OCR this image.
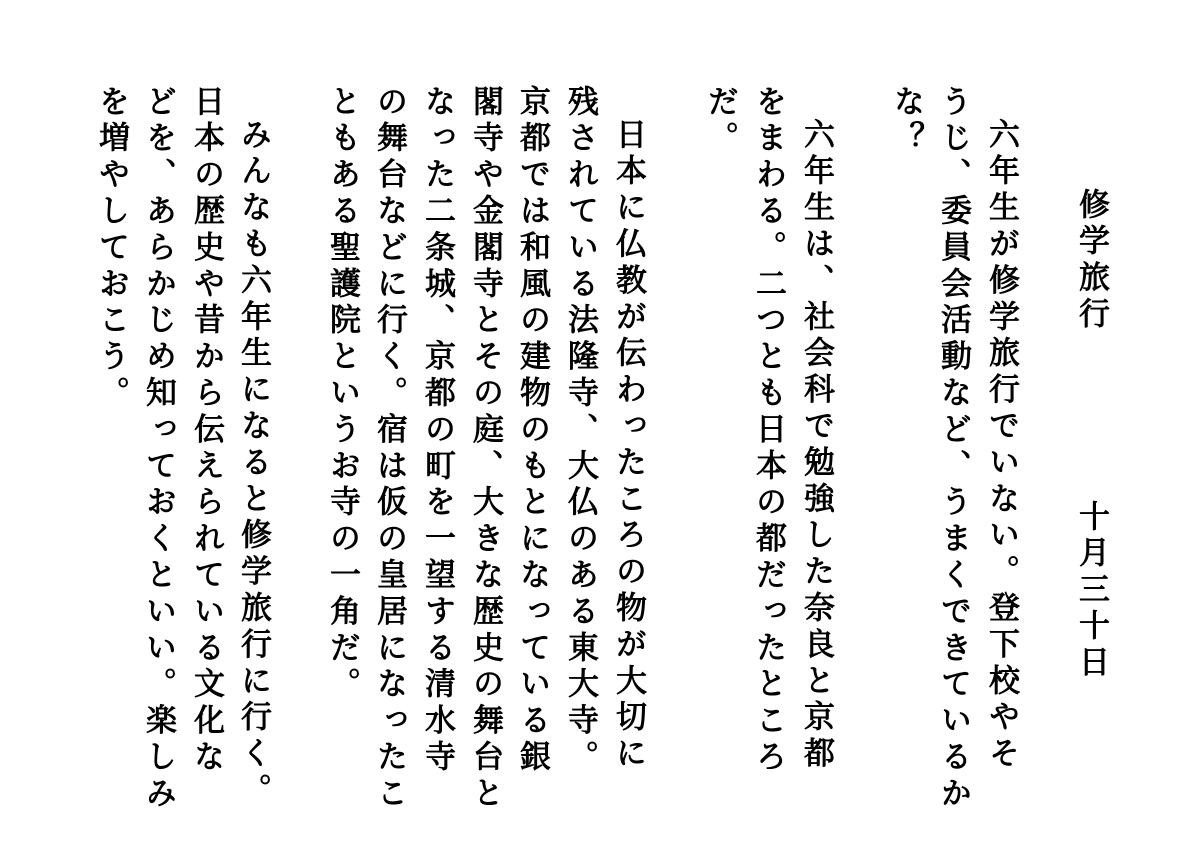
修学旅行
十月三十日
六年生が修学旅行でいない。登下校やそ
うじ、委員会活動など、うまくできているか
な？
六年生は、社会科で勉強した奈良と京都
をまわる。二つとも日本の都だったところ
だ。
日本に仏教が伝わったころの物が大切に
残されている法隆寺、大仏のある東大寺。
京都では和風の建物のもとになっている銀
閣寺や金閣寺とその庭、大きな歴史の舞台と
なった二条城、京都の町を一望する清水寺
の舞台などに行く。宿は仮の皇居になったこ
ともある聖護院というお寺の一角だ。
みんなも六年生になると修学旅行に行く。
日本の歴史や昔から伝えられている文化な
どを、あらかじめ知っておくといい。楽しみ
を増やしておこう。
